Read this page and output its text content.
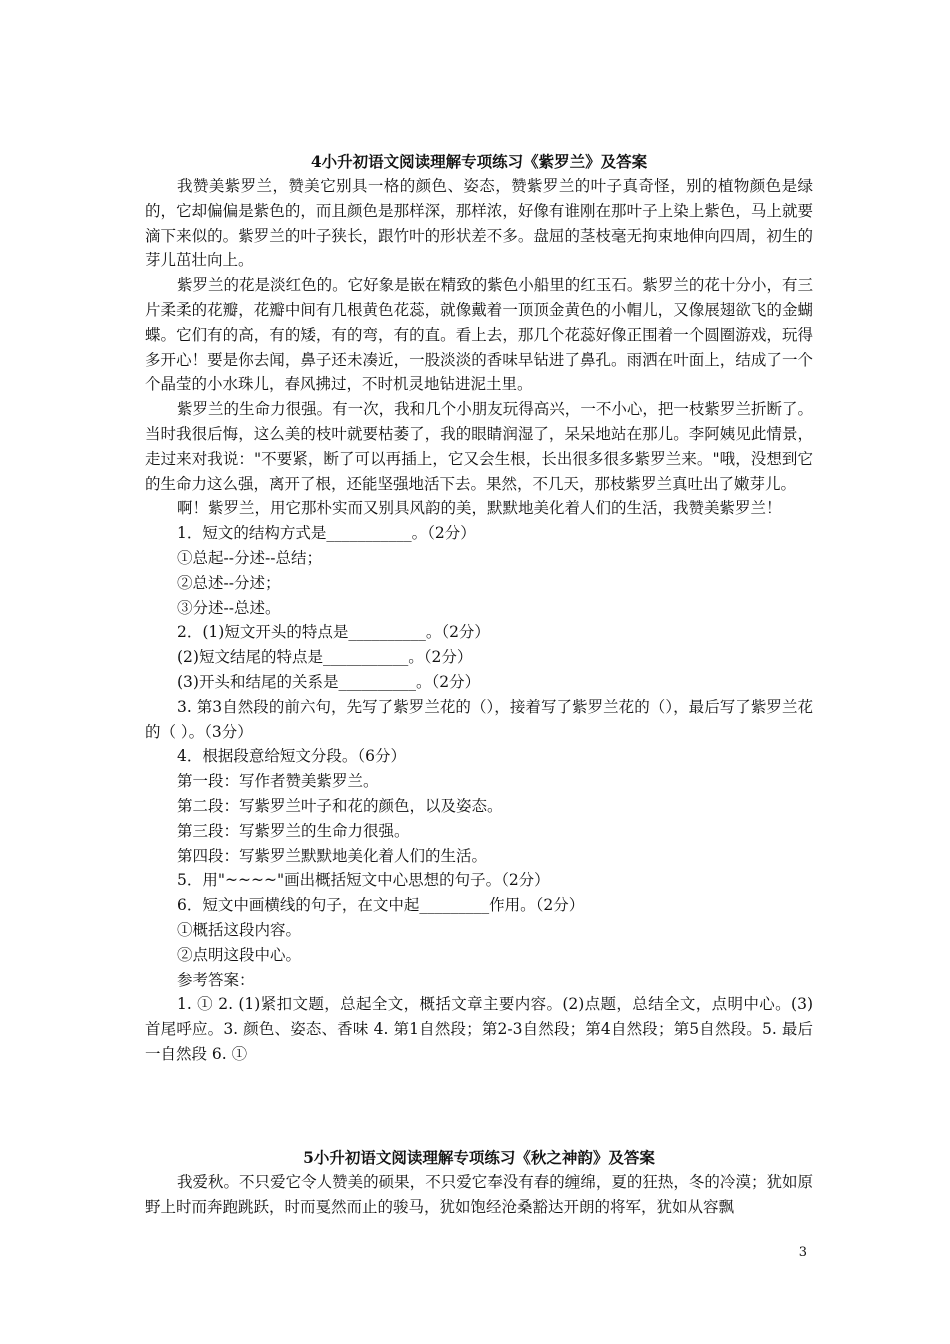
4小升初语文阅读理解专项练习《紫罗兰》及答案

我赞美紫罗兰，赞美它别具一格的颜色、姿态，赞紫罗兰的叶子真奇怪，别的植物颜色是绿的，它却偏偏是紫色的，而且颜色是那样深，那样浓，好像有谁刚在那叶子上染上紫色，马上就要滴下来似的。紫罗兰的叶子狭长，跟竹叶的形状差不多。盘屈的茎枝毫无拘束地伸向四周，初生的芽儿茁壮向上。

紫罗兰的花是淡红色的。它好象是嵌在精致的紫色小船里的红玉石。紫罗兰的花十分小，有三片柔柔的花瓣，花瓣中间有几根黄色花蕊，就像戴着一顶顶金黄色的小帽儿，又像展翅欲飞的金蝴蝶。它们有的高，有的矮，有的弯，有的直。看上去，那几个花蕊好像正围着一个圆圈游戏，玩得多开心！要是你去闻，鼻子还未凑近，一股淡淡的香味早钻进了鼻孔。雨洒在叶面上，结成了一个个晶莹的小水珠儿，春风拂过，不时机灵地钻进泥土里。

紫罗兰的生命力很强。有一次，我和几个小朋友玩得高兴，一不小心，把一枝紫罗兰折断了。当时我很后悔，这么美的枝叶就要枯萎了，我的眼睛润湿了，呆呆地站在那儿。李阿姨见此情景，走过来对我说："不要紧，断了可以再插上，它又会生根，长出很多很多紫罗兰来。"哦，没想到它的生命力这么强，离开了根，还能坚强地活下去。果然，不几天，那枝紫罗兰真吐出了嫩芽儿。

啊！紫罗兰，用它那朴实而又别具风韵的美，默默地美化着人们的生活，我赞美紫罗兰！

1．短文的结构方式是___________。（2分）

①总起--分述--总结；

②总述--分述；

③分述--总述。

2．(1)短文开头的特点是__________。（2分）

(2)短文结尾的特点是___________。（2分）

(3)开头和结尾的关系是__________。（2分）

3. 第3自然段的前六句，先写了紫罗兰花的（），接着写了紫罗兰花的（），最后写了紫罗兰花的（ ）。（3分）

4．根据段意给短文分段。（6分）

第一段：写作者赞美紫罗兰。

第二段：写紫罗兰叶子和花的颜色，以及姿态。

第三段：写紫罗兰的生命力很强。

第四段：写紫罗兰默默地美化着人们的生活。

5．用"~~~~"画出概括短文中心思想的句子。（2分）

6．短文中画横线的句子，在文中起_________作用。（2分）

①概括这段内容。

②点明这段中心。

参考答案：

1. ① 2. (1)紧扣文题，总起全文，概括文章主要内容。(2)点题，总结全文，点明中心。(3)首尾呼应。3. 颜色、姿态、香味 4. 第1自然段；第2-3自然段；第4自然段；第5自然段。5. 最后一自然段 6. ①

5小升初语文阅读理解专项练习《秋之神韵》及答案

我爱秋。不只爱它令人赞美的硕果，不只爱它奉没有春的缠绵，夏的狂热，冬的冷漠；犹如原野上时而奔跑跳跃，时而戛然而止的骏马，犹如饱经沧桑豁达开朗的将军，犹如从容飘

3
